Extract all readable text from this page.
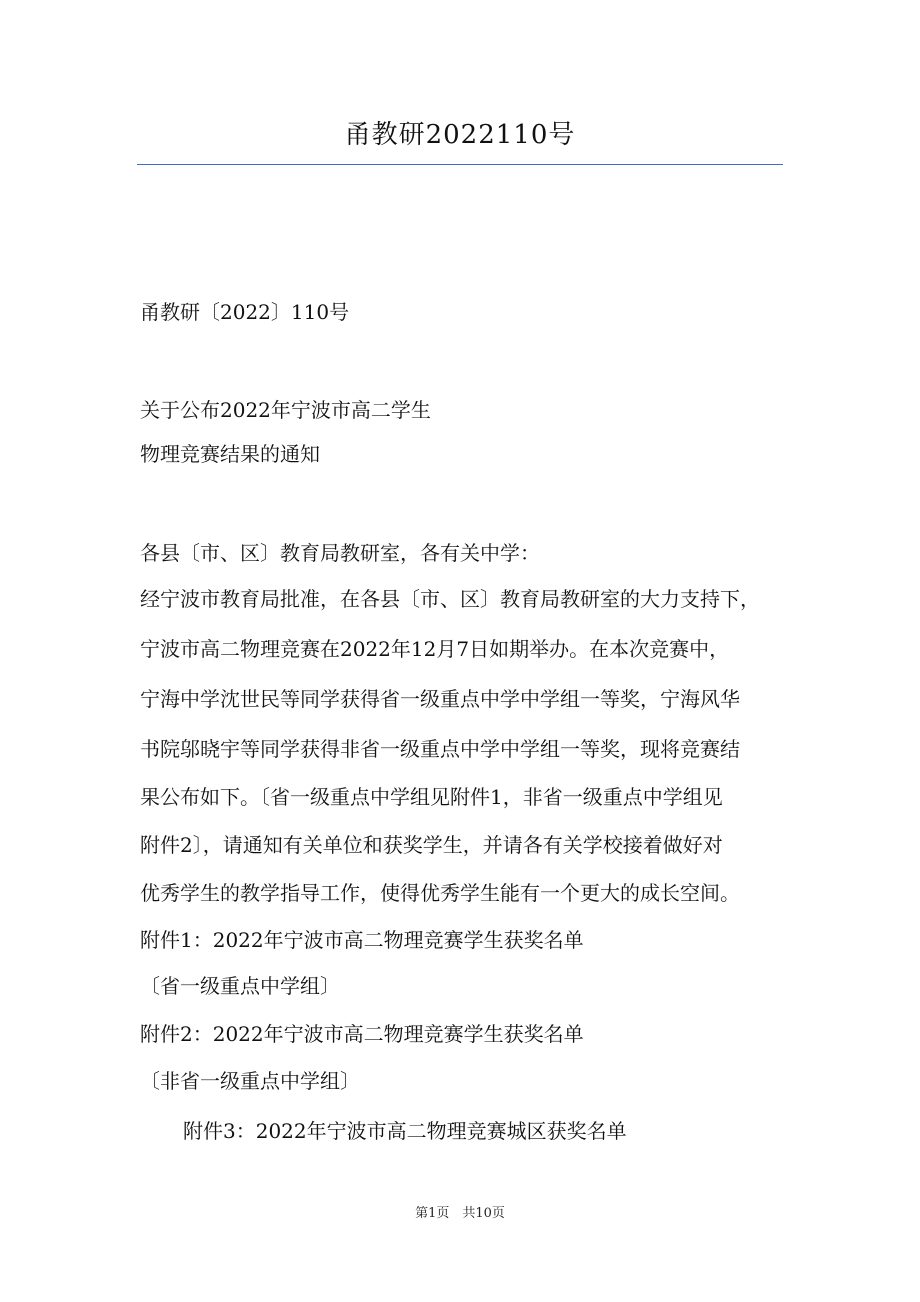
甬教研2022110号
甬教研〔2022〕110号
关于公布2022年宁波市高二学生
物理竞赛结果的通知
各县〔市、区〕教育局教研室，各有关中学：
经宁波市教育局批准，在各县〔市、区〕教育局教研室的大力支持下，
宁波市高二物理竞赛在2022年12月7日如期举办。在本次竞赛中，
宁海中学沈世民等同学获得省一级重点中学中学组一等奖，宁海风华
书院邬晓宇等同学获得非省一级重点中学中学组一等奖，现将竞赛结
果公布如下。〔省一级重点中学组见附件1，非省一级重点中学组见
附件2〕，请通知有关单位和获奖学生，并请各有关学校接着做好对
优秀学生的教学指导工作，使得优秀学生能有一个更大的成长空间。
附件1：2022年宁波市高二物理竞赛学生获奖名单
〔省一级重点中学组〕
附件2：2022年宁波市高二物理竞赛学生获奖名单
〔非省一级重点中学组〕
附件3：2022年宁波市高二物理竞赛城区获奖名单
第1页　共10页
